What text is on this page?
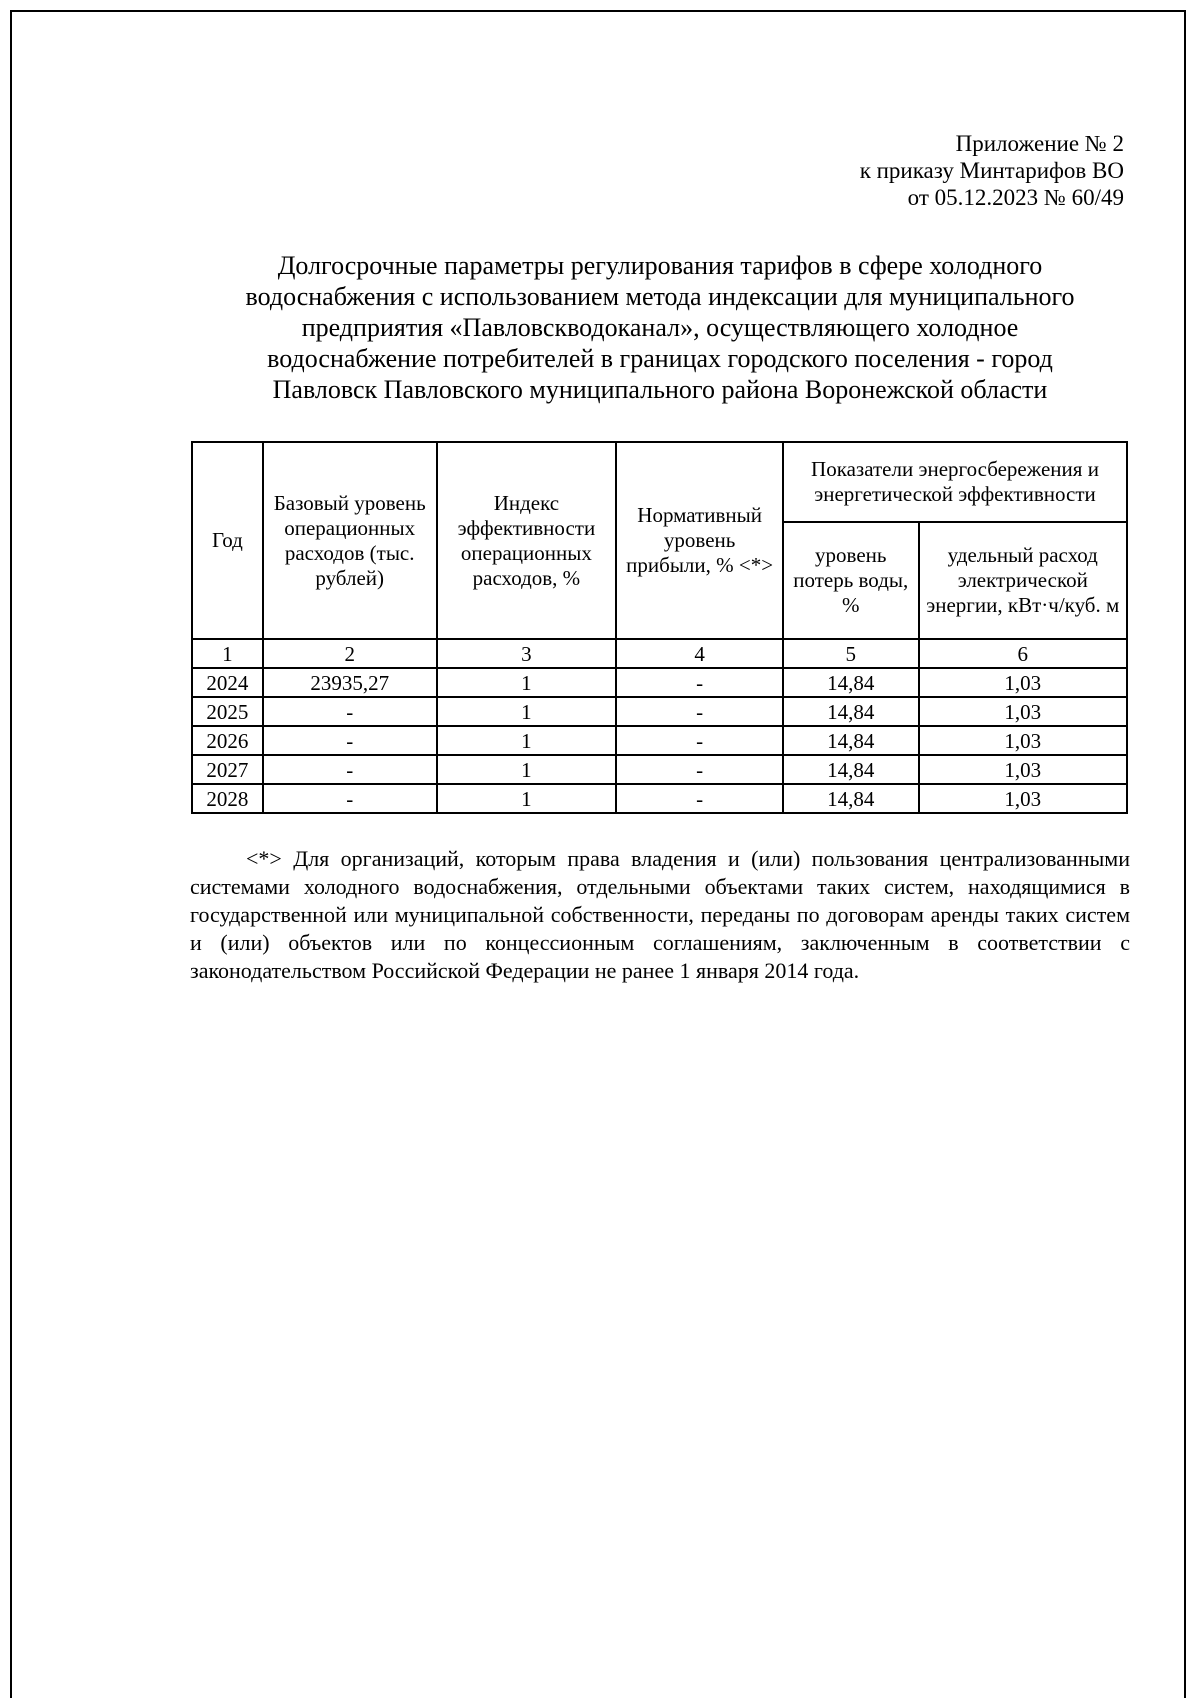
Приложение № 2
к приказу Минтарифов ВО
от 05.12.2023 № 60/49
Долгосрочные параметры регулирования тарифов в сфере холодного
водоснабжения с использованием метода индексации для муниципального
предприятия «Павловскводоканал», осуществляющего холодное
водоснабжение потребителей в границах городского поселения - город
Павловск Павловского муниципального района Воронежской области
Год	Базовый уровень операционных расходов (тыс. рублей)	Индекс эффективности операционных расходов, %	Нормативный уровень прибыли, % <*>	Показатели энергосбережения и энергетической эффективности	
				уровень потерь воды, %	удельный расход электрической энергии, кВт·ч/куб. м
1	2	3	4	5	6
2024	23935,27	1	-	14,84	1,03
2025	-	1	-	14,84	1,03
2026	-	1	-	14,84	1,03
2027	-	1	-	14,84	1,03
2028	-	1	-	14,84	1,03
<*> Для организаций, которым права владения и (или) пользования централизованными системами холодного водоснабжения, отдельными объектами таких систем, находящимися в государственной или муниципальной собственности, переданы по договорам аренды таких систем и (или) объектов или по концессионным соглашениям, заключенным в соответствии с законодательством Российской Федерации не ранее 1 января 2014 года.
